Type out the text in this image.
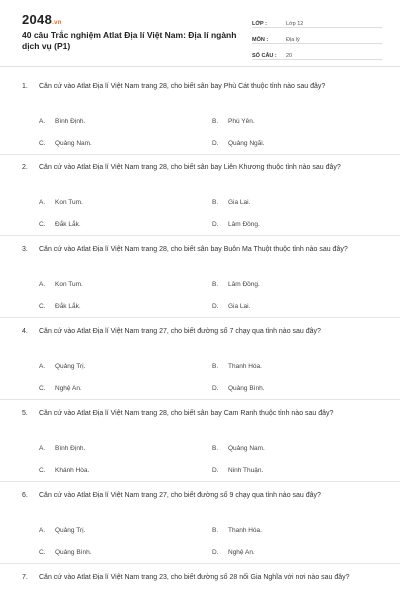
2048.vn
40 câu Trắc nghiệm Atlat Địa lí Việt Nam: Địa lí ngành dịch vụ (P1)
LỚP :	Lớp 12
MÔN :	Địa lý
SỐ CÂU :	20
1.	Căn cứ vào Atlat Địa lí Việt Nam trang 28, cho biết sân bay Phù Cát thuộc tỉnh nào sau đây?
A.	Bình Định.	B.	Phú Yên.
C.	Quảng Nam.	D.	Quảng Ngãi.
2.	Căn cứ vào Atlat Địa lí Việt Nam trang 28, cho biết sân bay Liên Khương thuộc tỉnh nào sau đây?
A.	Kon Tum.	B.	Gia Lai.
C.	Đắk Lắk.	D.	Lâm Đồng.
3.	Căn cứ vào Atlat Địa lí Việt Nam trang 28, cho biết sân bay Buôn Ma Thuột thuộc tỉnh nào sau đây?
A.	Kon Tum.	B.	Lâm Đồng.
C.	Đắk Lắk.	D.	Gia Lai.
4.	Căn cứ vào Atlat Địa lí Việt Nam trang 27, cho biết đường số 7 chạy qua tỉnh nào sau đây?
A.	Quảng Trị.	B.	Thanh Hóa.
C.	Nghệ An.	D.	Quảng Bình.
5.	Căn cứ vào Atlat Địa lí Việt Nam trang 28, cho biết sân bay Cam Ranh thuộc tỉnh nào sau đây?
A.	Bình Định.	B.	Quảng Nam.
C.	Khánh Hòa.	D.	Ninh Thuận.
6.	Căn cứ vào Atlat Địa lí Việt Nam trang 27, cho biết đường số 9 chạy qua tỉnh nào sau đây?
A.	Quảng Trị.	B.	Thanh Hóa.
C.	Quảng Bình.	D.	Nghệ An.
7.	Căn cứ vào Atlat Địa lí Việt Nam trang 23, cho biết đường số 28 nối Gia Nghĩa với nơi nào sau đây?
